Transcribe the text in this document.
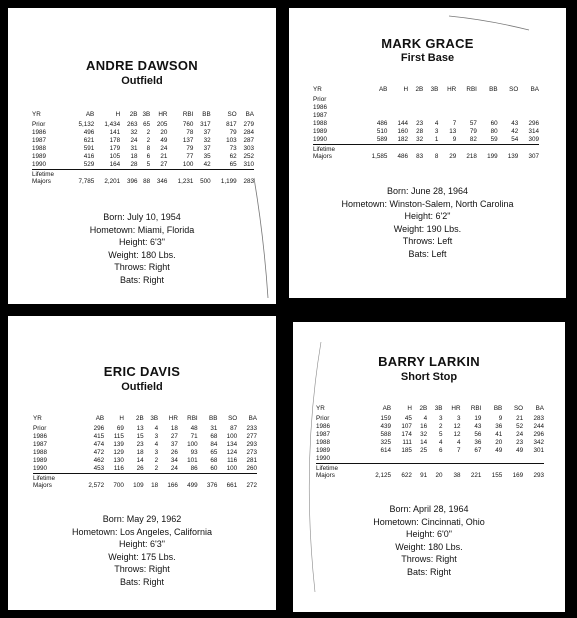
ANDRE DAWSON
Outfield
YR	AB	H	2B	3B	HR	RBI	BB	SO	BA
Prior	5,132	1,434	263	65	205	760	317	817	279
1986	496	141	32	2	20	78	37	79	284
1987	621	178	24	2	49	137	32	103	287
1988	591	179	31	8	24	79	37	73	303
1989	416	105	18	6	21	77	35	62	252
1990	529	164	28	5	27	100	42	65	310
Lifetime									
Majors	7,785	2,201	396	88	346	1,231	500	1,199	283
Born: July 10, 1954
Hometown: Miami, Florida
Height: 6'3"
Weight: 180 Lbs.
Throws: Right
Bats: Right
MARK GRACE
First Base
YR	AB	H	2B	3B	HR	RBI	BB	SO	BA
Prior									
1986									
1987									
1988	486	144	23	4	7	57	60	43	296
1989	510	160	28	3	13	79	80	42	314
1990	589	182	32	1	9	82	59	54	309
Lifetime									
Majors	1,585	486	83	8	29	218	199	139	307
Born: June 28, 1964
Hometown: Winston-Salem, North Carolina
Height: 6'2"
Weight: 190 Lbs.
Throws: Left
Bats: Left
ERIC DAVIS
Outfield
YR	AB	H	2B	3B	HR	RBI	BB	SO	BA
Prior	296	69	13	4	18	48	31	87	233
1986	415	115	15	3	27	71	68	100	277
1987	474	139	23	4	37	100	84	134	293
1988	472	129	18	3	26	93	65	124	273
1989	462	130	14	2	34	101	68	116	281
1990	453	116	26	2	24	86	60	100	260
Lifetime									
Majors	2,572	700	109	18	166	499	376	661	272
Born: May 29, 1962
Hometown: Los Angeles, California
Height: 6'3"
Weight: 175 Lbs.
Throws: Right
Bats: Right
BARRY LARKIN
Short Stop
YR	AB	H	2B	3B	HR	RBI	BB	SO	BA
Prior	159	45	4	3	3	19	9	21	283
1986	439	107	16	2	12	43	36	52	244
1987	588	174	32	5	12	56	41	24	296
1988	325	111	14	4	4	36	20	23	342
1989	614	185	25	6	7	67	49	49	301
1990									
Lifetime									
Majors	2,125	622	91	20	38	221	155	169	293
Born: April 28, 1964
Hometown: Cincinnati, Ohio
Height: 6'0"
Weight: 180 Lbs.
Throws: Right
Bats: Right
